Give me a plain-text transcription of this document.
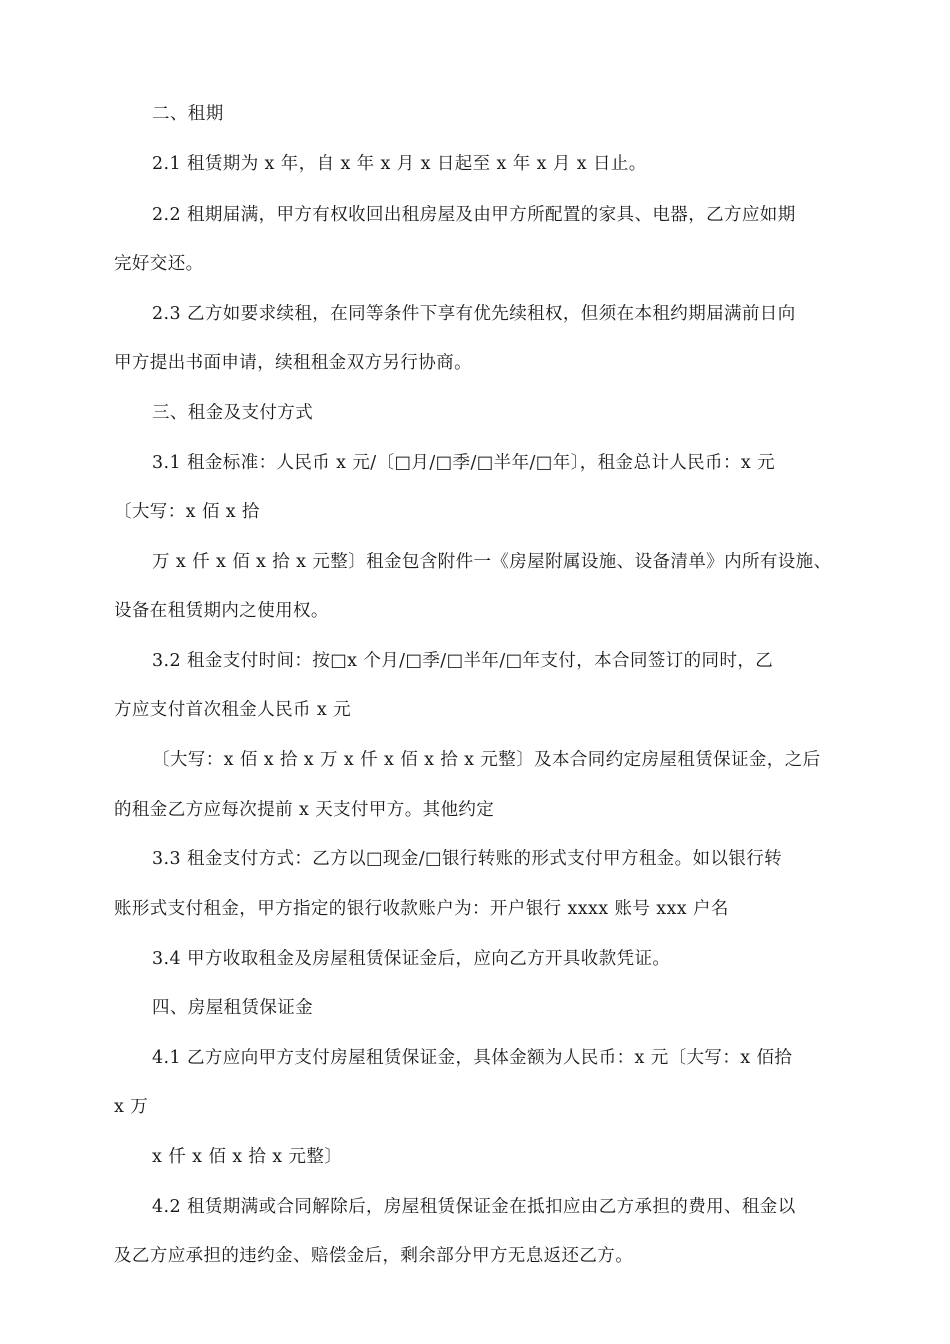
二、租期

2.1 租赁期为 x 年，自 x 年 x 月 x 日起至 x 年 x 月 x 日止。

2.2 租期届满，甲方有权收回出租房屋及由甲方所配置的家具、电器，乙方应如期

完好交还。

2.3 乙方如要求续租，在同等条件下享有优先续租权，但须在本租约期届满前日向

甲方提出书面申请，续租租金双方另行协商。

三、租金及支付方式

3.1 租金标准：人民币 x 元/〔□月/□季/□半年/□年〕，租金总计人民币：x 元

〔大写：x 佰 x 拾

万 x 仟 x 佰 x 拾 x 元整〕租金包含附件一《房屋附属设施、设备清单》内所有设施、

设备在租赁期内之使用权。

3.2 租金支付时间：按□x 个月/□季/□半年/□年支付，本合同签订的同时，乙

方应支付首次租金人民币 x 元

〔大写：x 佰 x 拾 x 万 x 仟 x 佰 x 拾 x 元整〕及本合同约定房屋租赁保证金，之后

的租金乙方应每次提前 x 天支付甲方。其他约定

3.3 租金支付方式：乙方以□现金/□银行转账的形式支付甲方租金。如以银行转

账形式支付租金，甲方指定的银行收款账户为：开户银行 xxxx 账号 xxx 户名

3.4 甲方收取租金及房屋租赁保证金后，应向乙方开具收款凭证。

四、房屋租赁保证金

4.1 乙方应向甲方支付房屋租赁保证金，具体金额为人民币：x 元〔大写：x 佰拾

x 万

x 仟 x 佰 x 拾 x 元整〕

4.2 租赁期满或合同解除后，房屋租赁保证金在抵扣应由乙方承担的费用、租金以

及乙方应承担的违约金、赔偿金后，剩余部分甲方无息返还乙方。
